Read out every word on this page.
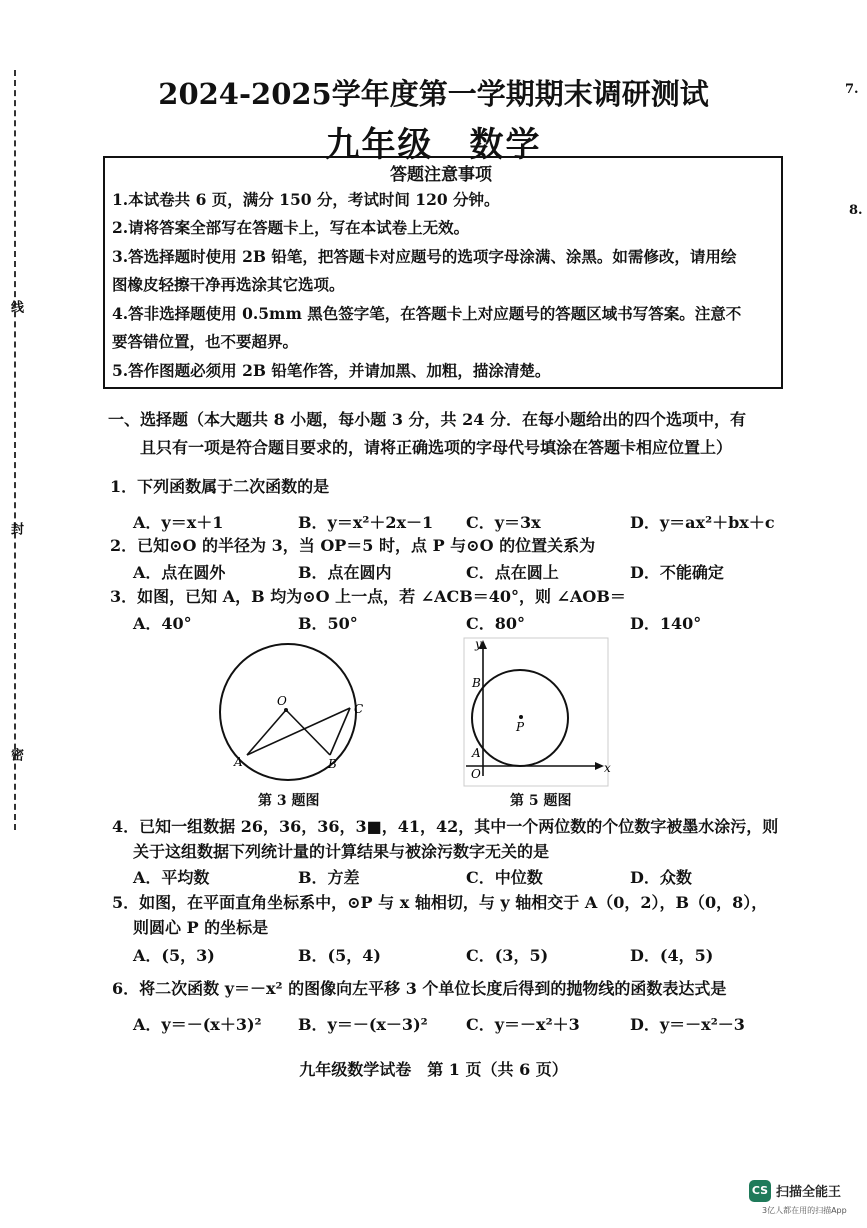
线
封
密
7.
8.
2024-2025学年度第一学期期末调研测试
九年级　数学
答题注意事项
1.本试卷共 6 页，满分 150 分，考试时间 120 分钟。
2.请将答案全部写在答题卡上，写在本试卷上无效。
3.答选择题时使用 2B 铅笔，把答题卡对应题号的选项字母涂满、涂黑。如需修改，请用绘
图橡皮轻擦干净再选涂其它选项。
4.答非选择题使用 0.5mm 黑色签字笔，在答题卡上对应题号的答题区域书写答案。注意不
要答错位置，也不要超界。
5.答作图题必须用 2B 铅笔作答，并请加黑、加粗，描涂清楚。
一、选择题（本大题共 8 小题，每小题 3 分，共 24 分．在每小题给出的四个选项中，有
且只有一项是符合题目要求的，请将正确选项的字母代号填涂在答题卡相应位置上）
1．下列函数属于二次函数的是
A．y＝x＋1	B．y＝x²＋2x－1 C．y＝3x	D．y＝ax²＋bx＋c
2．已知⊙O 的半径为 3，当 OP＝5 时，点 P 与⊙O 的位置关系为
A．点在圆外	B．点在圆内	C．点在圆上	D．不能确定
3．如图，已知 A，B 均为⊙O 上一点，若 ∠ACB＝40°，则 ∠AOB＝
A．40°	B．50°	C．80°	D．140°
O
A	B
C
第 3 题图
y
x
O
A
B
P
第 5 题图
4．已知一组数据 26，36，36，3■，41，42，其中一个两位数的个位数字被墨水涂污，则
关于这组数据下列统计量的计算结果与被涂污数字无关的是
A．平均数	B．方差	C．中位数	D．众数
5．如图，在平面直角坐标系中，⊙P 与 x 轴相切，与 y 轴相交于 A（0，2），B（0，8），
则圆心 P 的坐标是
A．(5，3)	B．(5，4)	C．(3，5)	D．(4，5)
6．将二次函数 y＝－x² 的图像向左平移 3 个单位长度后得到的抛物线的函数表达式是
A．y＝－(x＋3)² B．y＝－(x－3)² C．y＝－x²＋3	D．y＝－x²－3
九年级数学试卷　第 1 页（共 6 页）
CS 扫描全能王
3亿人都在用的扫描App
